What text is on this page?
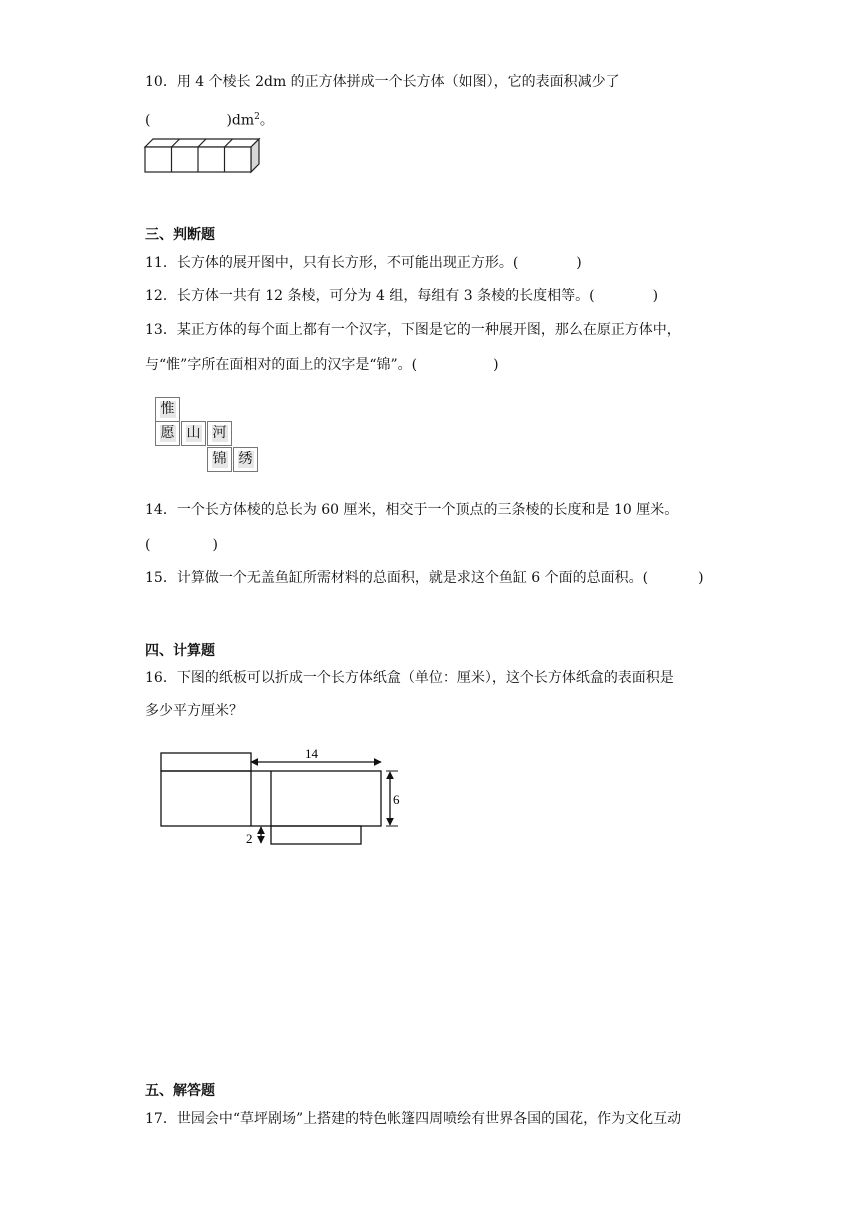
10．用 4 个棱长 2dm 的正方体拼成一个长方体（如图），它的表面积减少了
(	)$dm^2$。
三、判断题
11．长方体的展开图中，只有长方形，不可能出现正方形。(	)
12．长方体一共有 12 条棱，可分为 4 组，每组有 3 条棱的长度相等。(	)
13．某正方体的每个面上都有一个汉字，下图是它的一种展开图，那么在原正方体中，
与“惟”字所在面相对的面上的汉字是“锦”。(	)
惟
愿 山 河
锦 绣
14．一个长方体棱的总长为 60 厘米，相交于一个顶点的三条棱的长度和是 10 厘米。
(	)
15．计算做一个无盖鱼缸所需材料的总面积，就是求这个鱼缸 6 个面的总面积。(	)
四、计算题
16．下图的纸板可以折成一个长方体纸盒（单位：厘米），这个长方体纸盒的表面积是
多少平方厘米？
14
6
2
五、解答题
17．世园会中“草坪剧场”上搭建的特色帐篷四周喷绘有世界各国的国花，作为文化互动
